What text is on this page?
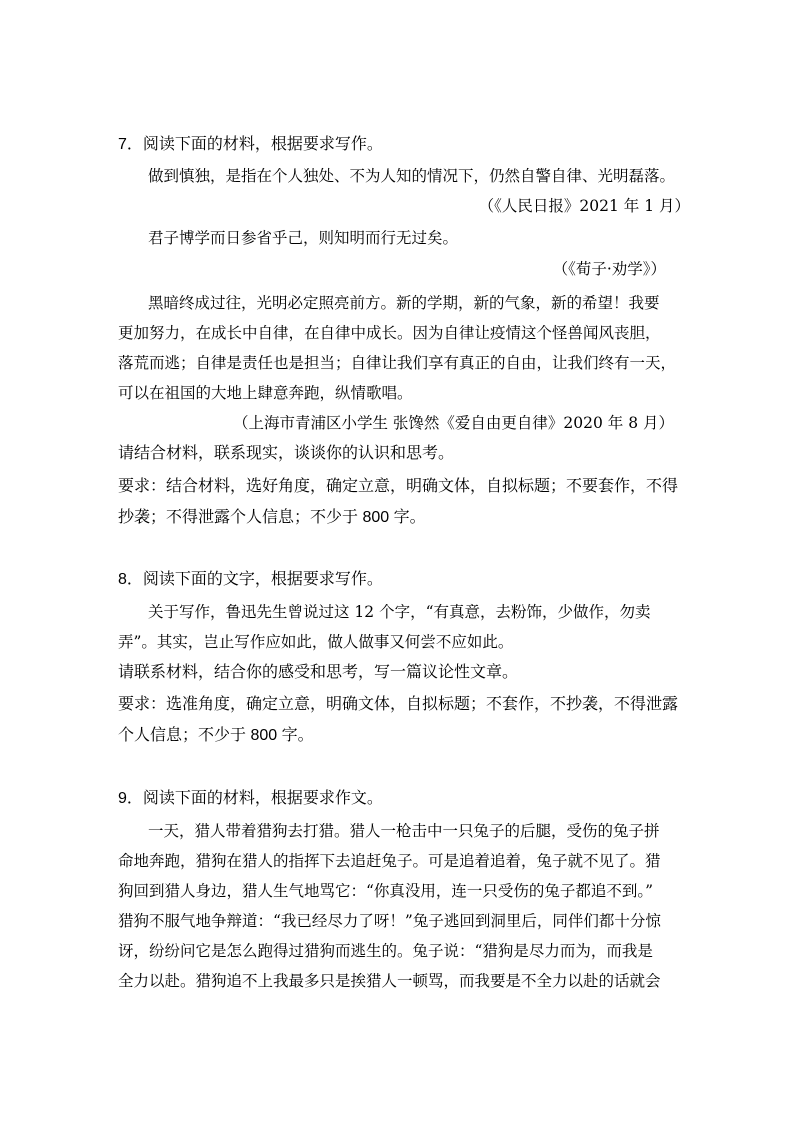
7．阅读下面的材料，根据要求写作。
做到慎独，是指在个人独处、不为人知的情况下，仍然自警自律、光明磊落。
（《人民日报》2021 年 1 月）
君子博学而日参省乎己，则知明而行无过矣。
（《荀子·劝学》）
黑暗终成过往，光明必定照亮前方。新的学期，新的气象，新的希望！我要
更加努力，在成长中自律，在自律中成长。因为自律让疫情这个怪兽闻风丧胆，
落荒而逃；自律是责任也是担当；自律让我们享有真正的自由，让我们终有一天，
可以在祖国的大地上肆意奔跑，纵情歌唱。
（上海市青浦区小学生 张馋然《爱自由更自律》2020 年 8 月）
请结合材料，联系现实，谈谈你的认识和思考。
要求：结合材料，选好角度，确定立意，明确文体，自拟标题；不要套作，不得
抄袭；不得泄露个人信息；不少于 800 字。
8．阅读下面的文字，根据要求写作。
关于写作，鲁迅先生曾说过这 12 个字，“有真意，去粉饰，少做作，勿卖
弄”。其实，岂止写作应如此，做人做事又何尝不应如此。
请联系材料，结合你的感受和思考，写一篇议论性文章。
要求：选准角度，确定立意，明确文体，自拟标题；不套作，不抄袭，不得泄露
个人信息；不少于 800 字。
9．阅读下面的材料，根据要求作文。
一天，猎人带着猎狗去打猎。猎人一枪击中一只兔子的后腿，受伤的兔子拼
命地奔跑，猎狗在猎人的指挥下去追赶兔子。可是追着追着，兔子就不见了。猎
狗回到猎人身边，猎人生气地骂它：“你真没用，连一只受伤的兔子都追不到。”
猎狗不服气地争辩道：“我已经尽力了呀！”兔子逃回到洞里后，同伴们都十分惊
讶，纷纷问它是怎么跑得过猎狗而逃生的。兔子说：“猎狗是尽力而为，而我是
全力以赴。猎狗追不上我最多只是挨猎人一顿骂，而我要是不全力以赴的话就会
